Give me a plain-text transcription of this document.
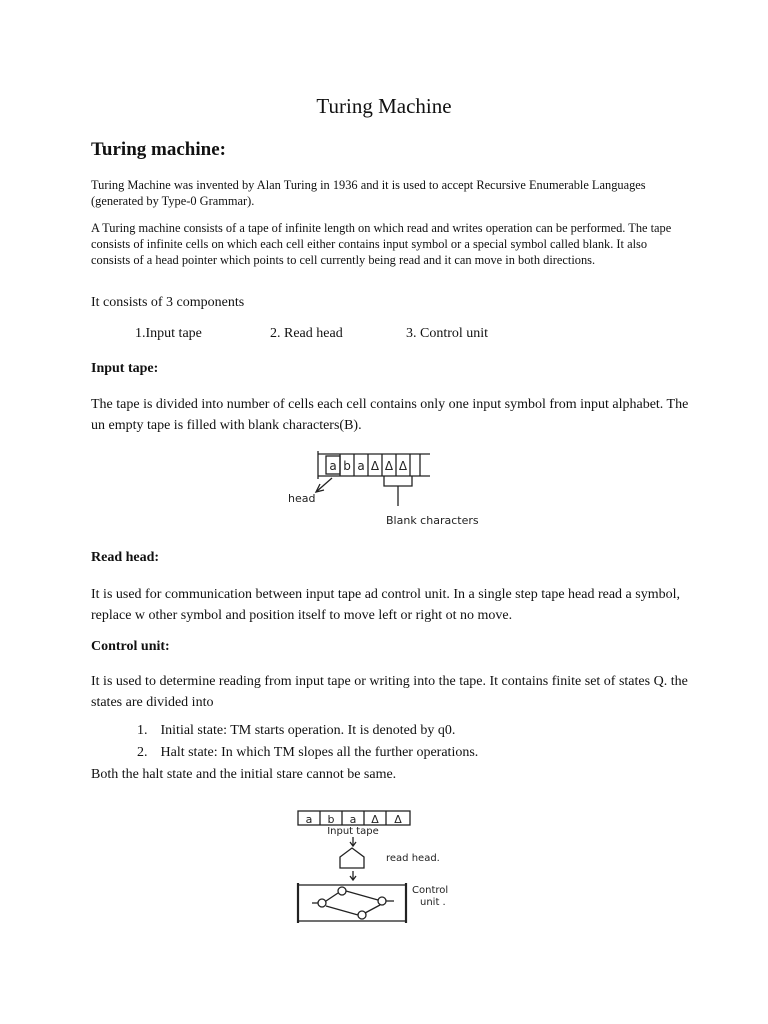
Turing Machine

Turing machine:

Turing Machine was invented by Alan Turing in 1936 and it is used to accept Recursive Enumerable Languages (generated by Type-0 Grammar).

A Turing machine consists of a tape of infinite length on which read and writes operation can be performed. The tape consists of infinite cells on which each cell either contains input symbol or a special symbol called blank. It also consists of a head pointer which points to cell currently being read and it can move in both directions.

It consists of 3 components

1.Input tape	2. Read head	3. Control unit

Input tape:

The tape is divided into number of cells each cell contains only one input symbol from input alphabet. The un empty tape is filled with blank characters(B).

a b a Δ Δ Δ
head
Blank characters

Read head:

It is used for communication between input tape ad control unit. In a single step tape head read a symbol, replace w other symbol and position itself to move left or right ot no move.

Control unit:

It is used to determine reading from input tape or writing into the tape. It contains finite set of states Q. the states are divided into

1. Initial state: TM starts operation. It is denoted by q0.
2. Halt state: In which TM slopes all the further operations.

Both the halt state and the initial stare cannot be same.

a b a Δ Δ
Input tape
read head.
Control
unit .
